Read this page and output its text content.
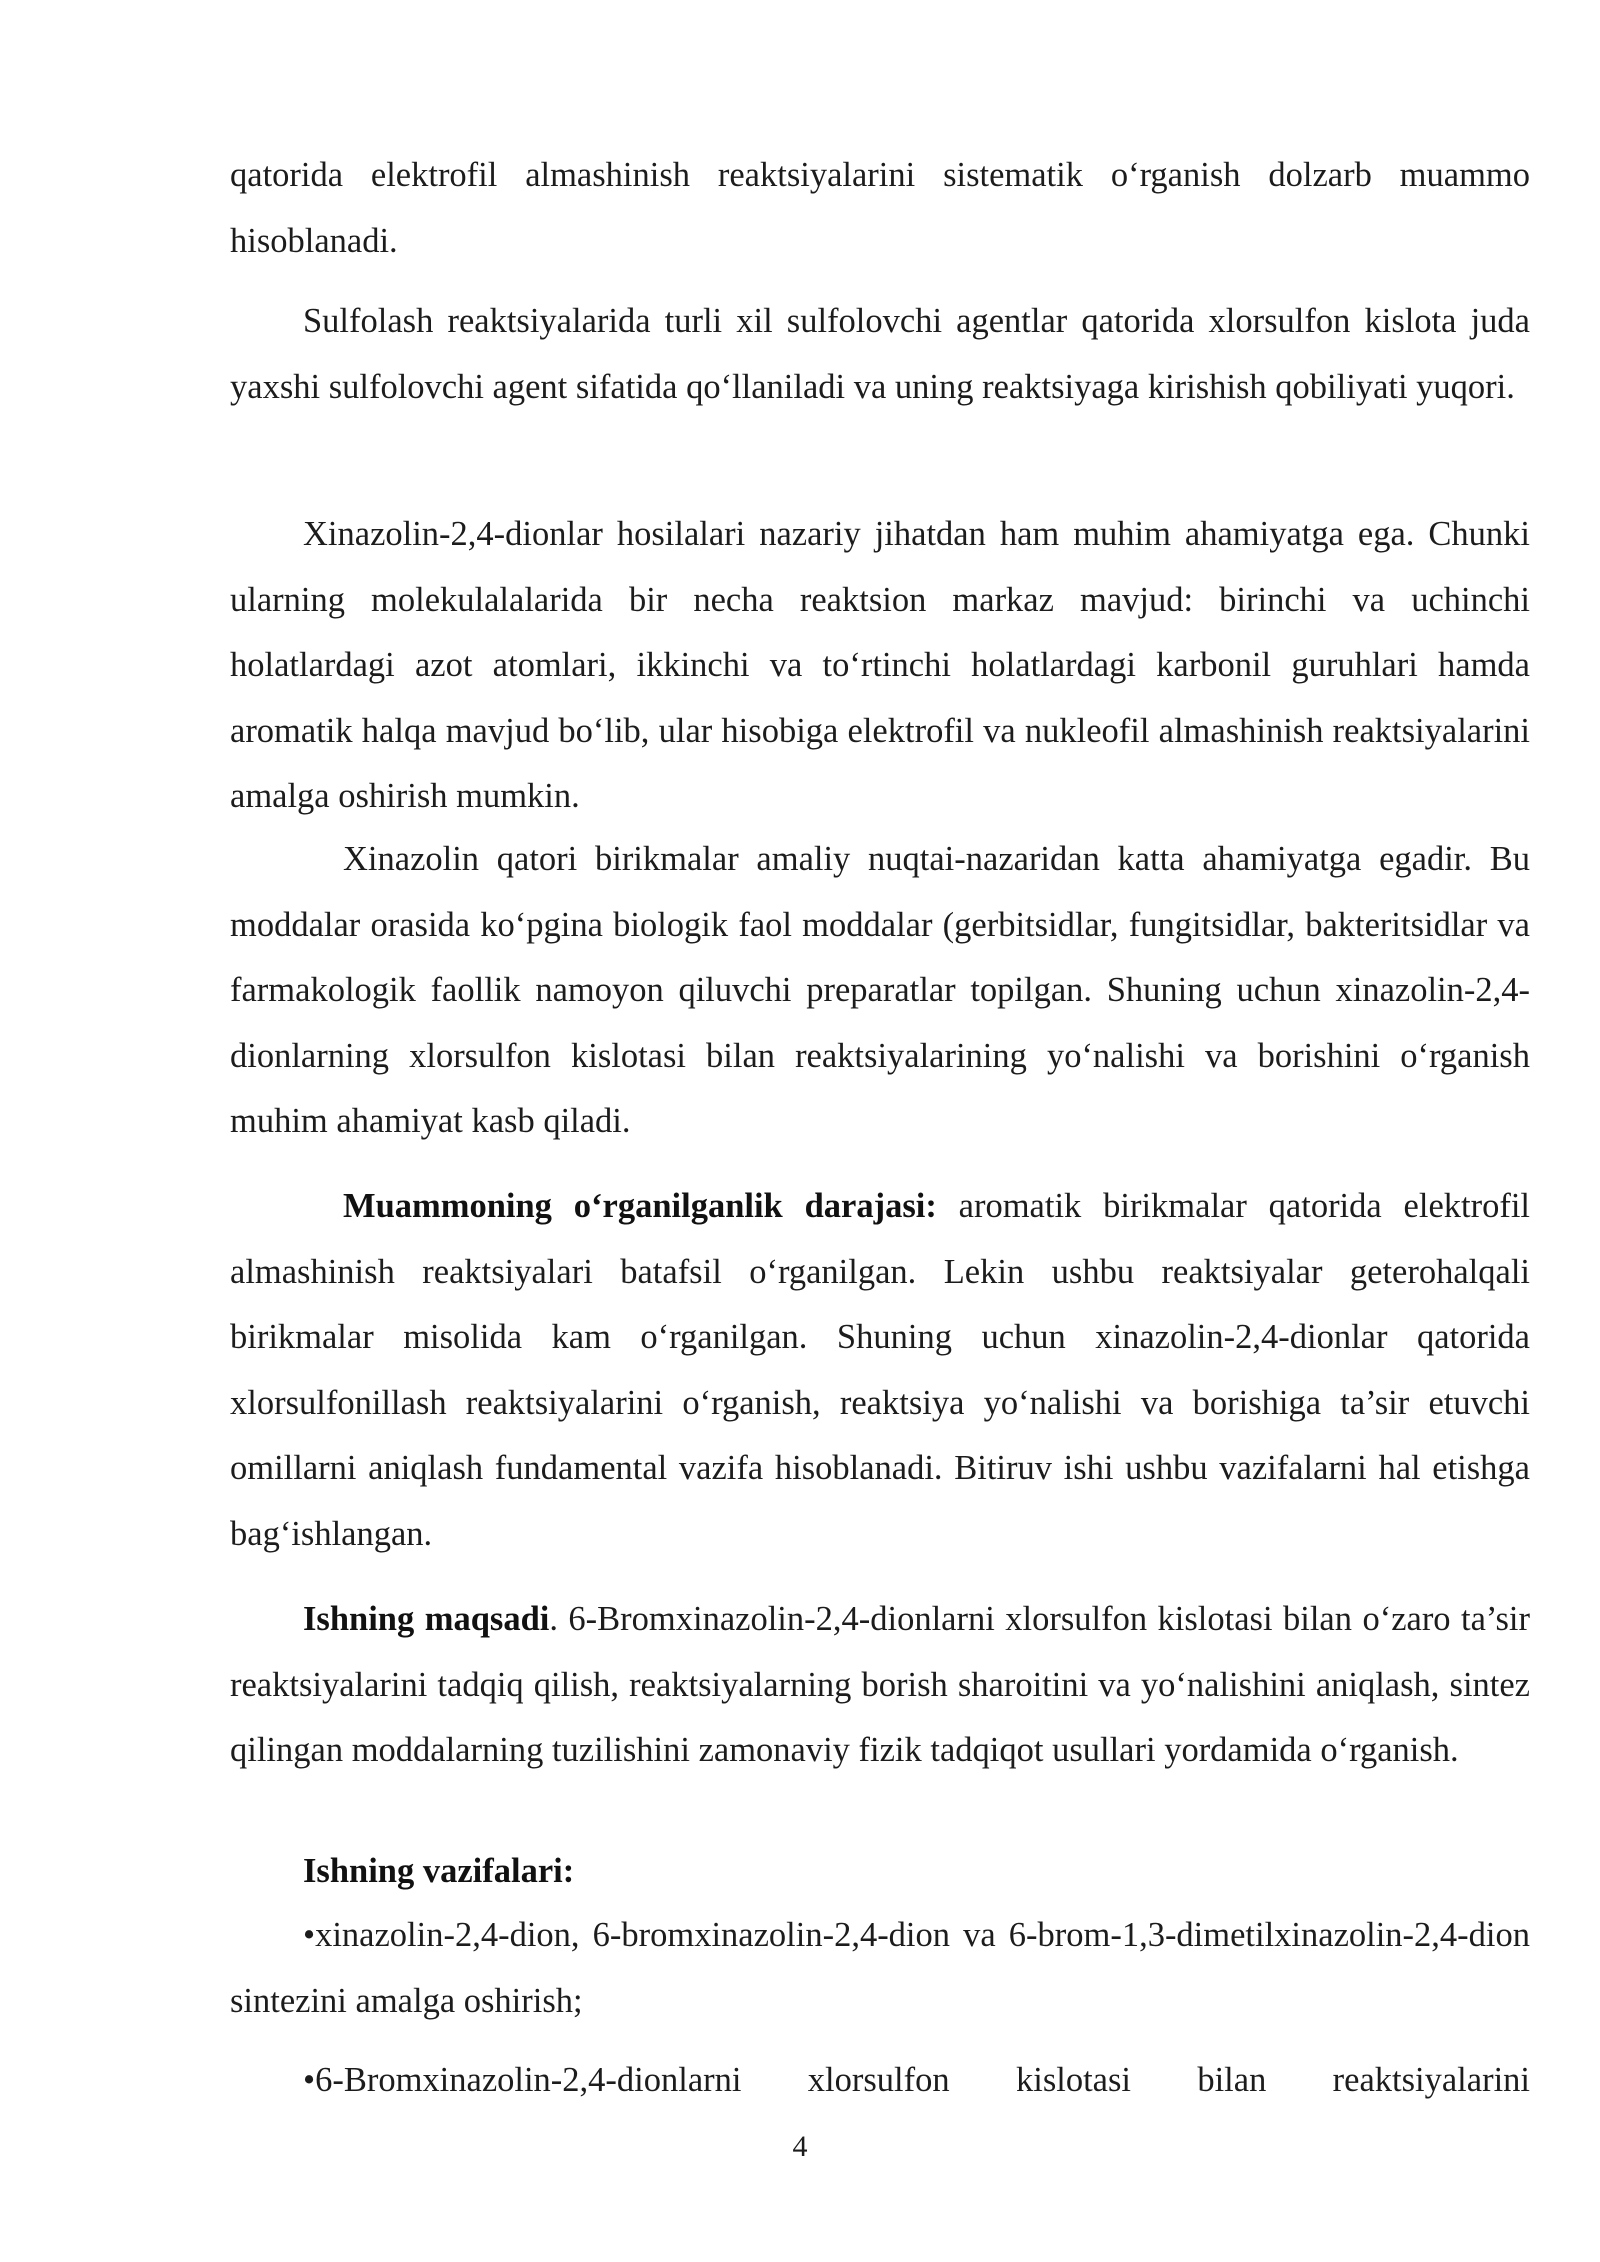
qatorida elektrofil almashinish reaktsiyalarini sistematik o‘rganish dolzarb muammo hisoblanadi.

Sulfolash reaktsiyalarida turli xil sulfolovchi agentlar qatorida xlorsulfon kislota juda yaxshi sulfolovchi agent sifatida qo‘llaniladi va uning reaktsiyaga kirishish qobiliyati yuqori.

Xinazolin-2,4-dionlar hosilalari nazariy jihatdan ham muhim ahamiyatga ega. Chunki ularning molekulalalarida bir necha reaktsion markaz mavjud: birinchi va uchinchi holatlardagi azot atomlari, ikkinchi va to‘rtinchi holatlardagi karbonil guruhlari hamda aromatik halqa mavjud bo‘lib, ular hisobiga elektrofil va nukleofil almashinish reaktsiyalarini amalga oshirish mumkin.

Xinazolin qatori birikmalar amaliy nuqtai-nazaridan katta ahamiyatga egadir. Bu moddalar orasida ko‘pgina biologik faol moddalar (gerbitsidlar, fungitsidlar, bakteritsidlar va farmakologik faollik namoyon qiluvchi preparatlar topilgan. Shuning uchun xinazolin-2,4-dionlarning xlorsulfon kislotasi bilan reaktsiyalarining yo‘nalishi va borishini o‘rganish muhim ahamiyat kasb qiladi.

Muammoning o‘rganilganlik darajasi: aromatik birikmalar qatorida elektrofil almashinish reaktsiyalari batafsil o‘rganilgan. Lekin ushbu reaktsiyalar geterohalqali birikmalar misolida kam o‘rganilgan. Shuning uchun xinazolin-2,4-dionlar qatorida xlorsulfonillash reaktsiyalarini o‘rganish, reaktsiya yo‘nalishi va borishiga ta’sir etuvchi omillarni aniqlash fundamental vazifa hisoblanadi. Bitiruv ishi ushbu vazifalarni hal etishga bag‘ishlangan.

Ishning maqsadi. 6-Bromxinazolin-2,4-dionlarni xlorsulfon kislotasi bilan o‘zaro ta’sir reaktsiyalarini tadqiq qilish, reaktsiyalarning borish sharoitini va yo‘nalishini aniqlash, sintez qilingan moddalarning tuzilishini zamonaviy fizik tadqiqot usullari yordamida o‘rganish.

Ishning vazifalari:

•xinazolin-2,4-dion, 6-bromxinazolin-2,4-dion va 6-brom-1,3-dimetilxinazolin-2,4-dion sintezini amalga oshirish;

•6-Bromxinazolin-2,4-dionlarni xlorsulfon kislotasi bilan reaktsiyalarini

4
